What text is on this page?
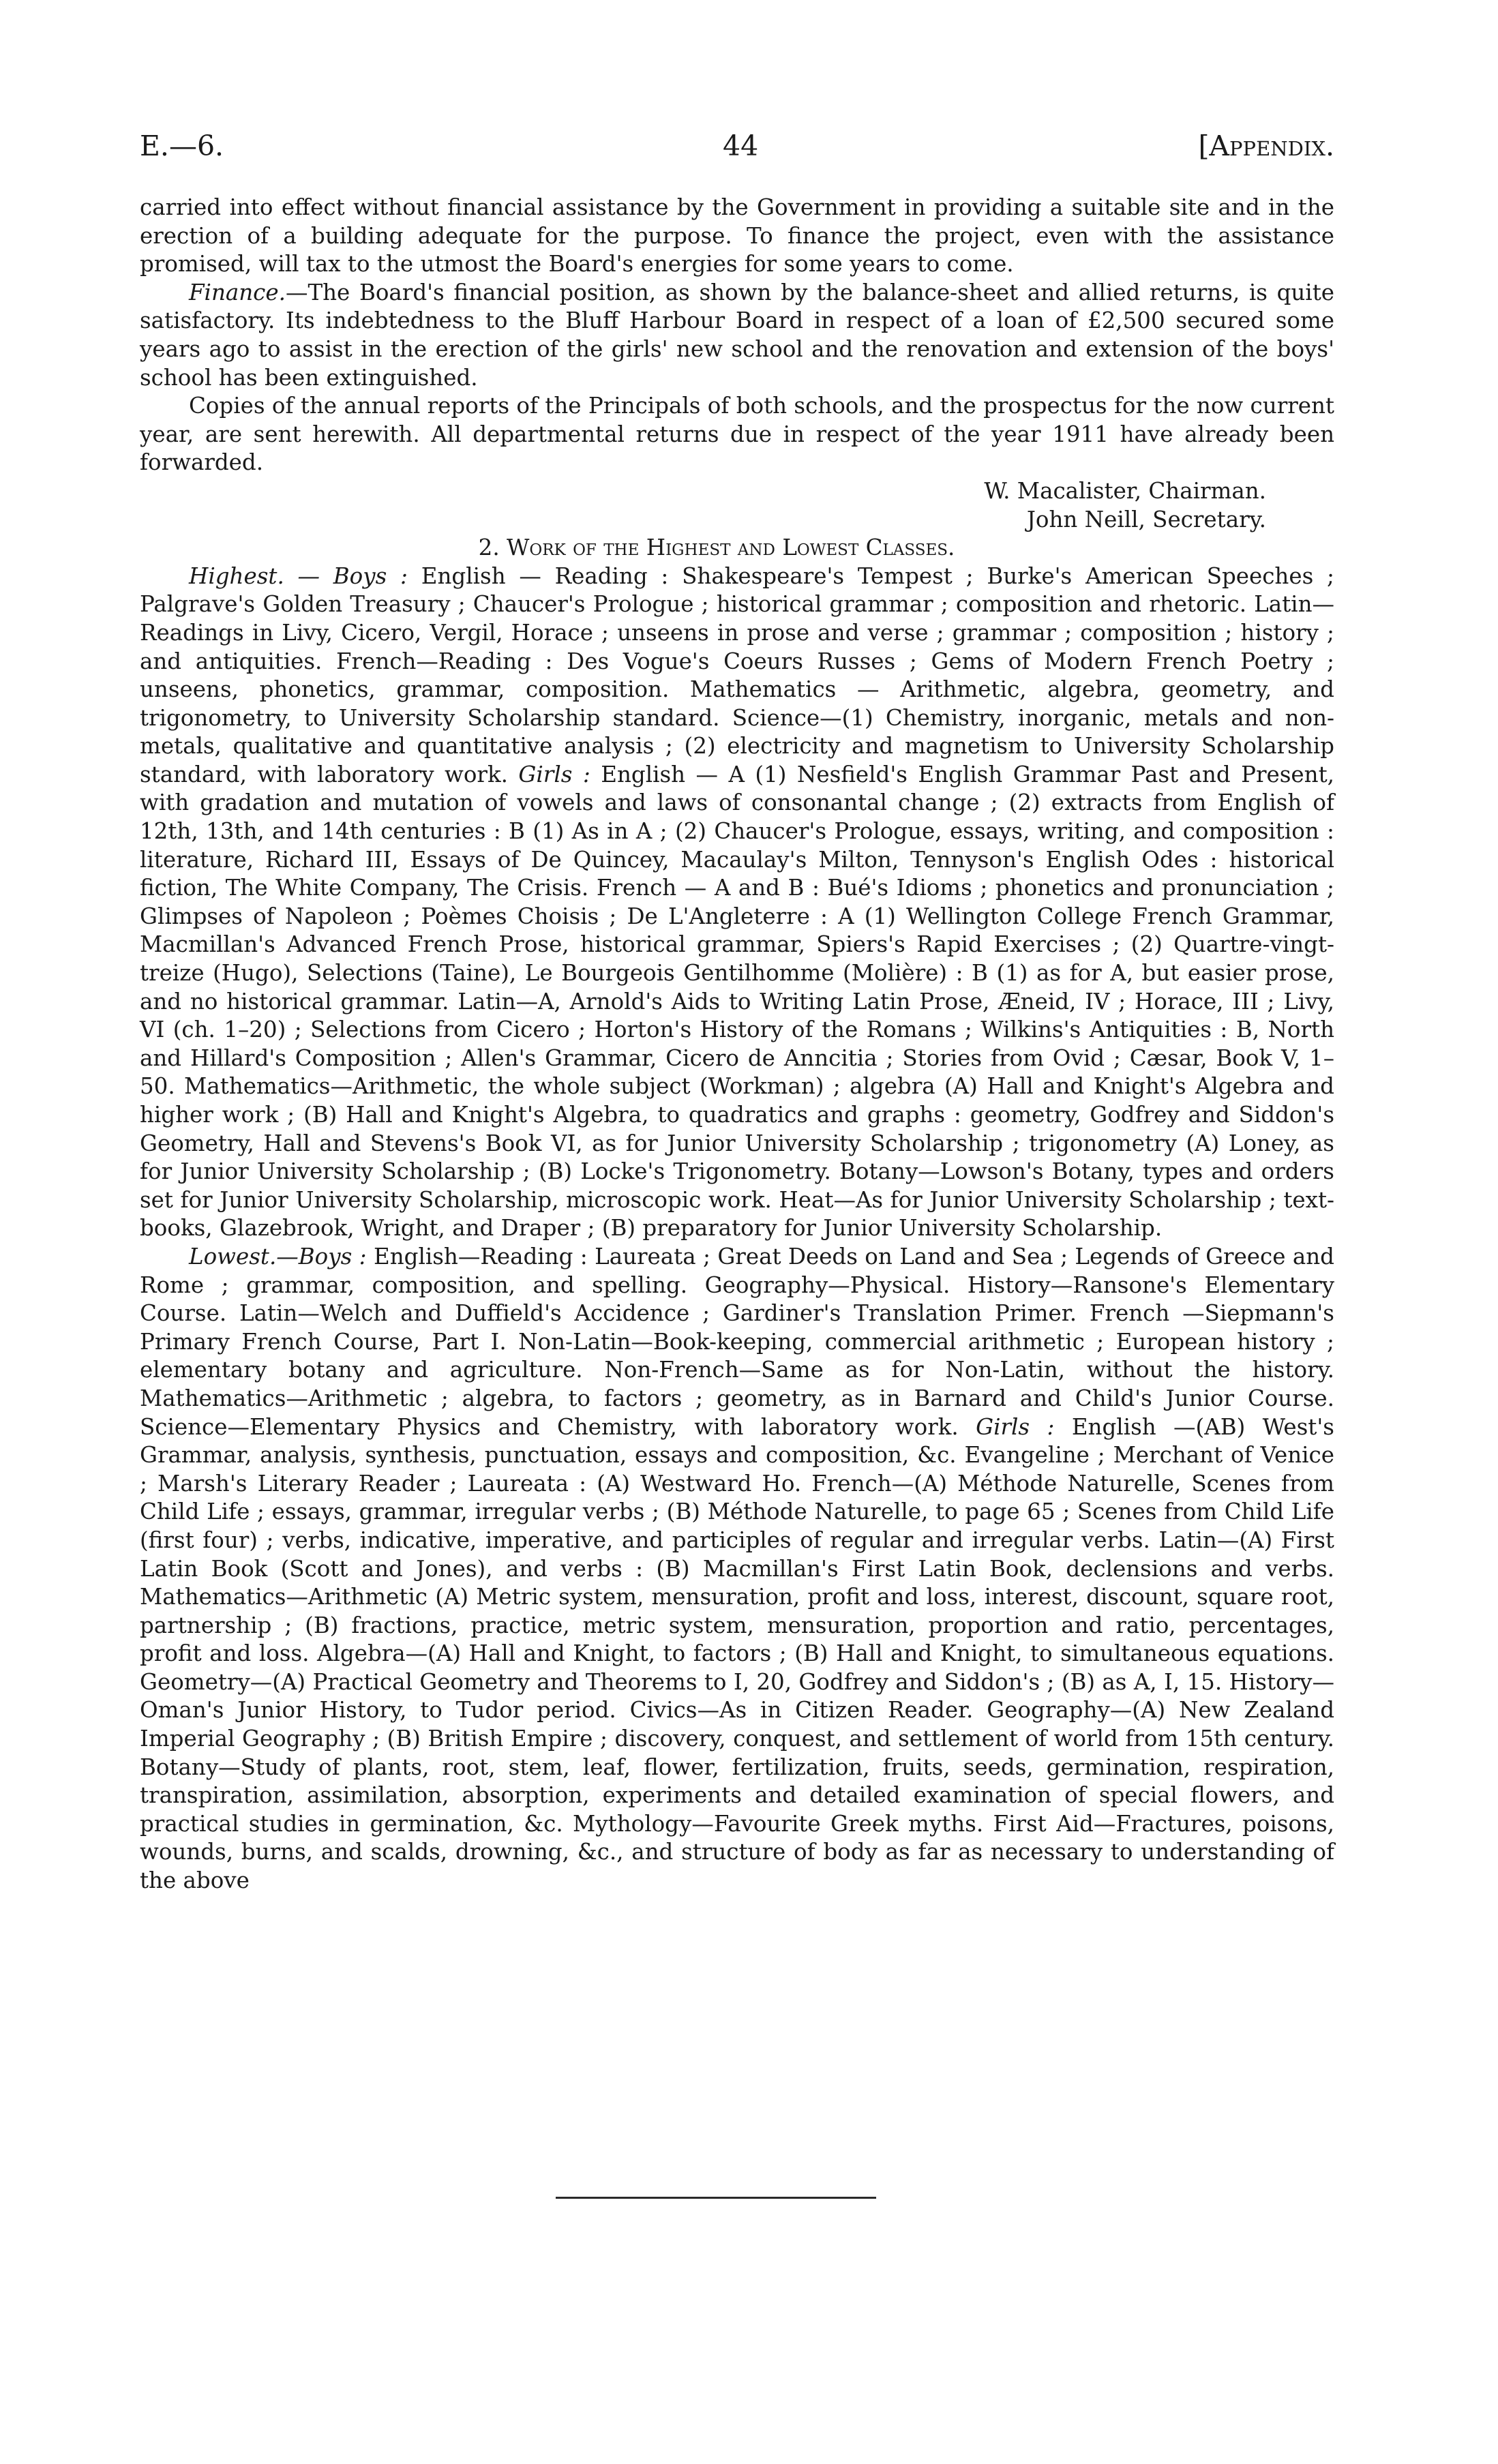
E.—6.	44	[Appendix.

carried into effect without financial assistance by the Government in providing a suitable site and in the erection of a building adequate for the purpose. To finance the project, even with the assistance promised, will tax to the utmost the Board's energies for some years to come.

Finance.—The Board's financial position, as shown by the balance-sheet and allied returns, is quite satisfactory. Its indebtedness to the Bluff Harbour Board in respect of a loan of £2,500 secured some years ago to assist in the erection of the girls' new school and the renovation and extension of the boys' school has been extinguished.

Copies of the annual reports of the Principals of both schools, and the prospectus for the now current year, are sent herewith. All departmental returns due in respect of the year 1911 have already been forwarded.

W. Macalister, Chairman.

John Neill, Secretary.

2. Work of the Highest and Lowest Classes.

Highest. — Boys : English — Reading : Shakespeare's Tempest ; Burke's American Speeches ; Palgrave's Golden Treasury ; Chaucer's Prologue ; historical grammar ; composition and rhetoric. Latin—Readings in Livy, Cicero, Vergil, Horace ; unseens in prose and verse ; grammar ; composition ; history ; and antiquities. French—Reading : Des Vogue's Coeurs Russes ; Gems of Modern French Poetry ; unseens, phonetics, grammar, composition. Mathematics — Arithmetic, algebra, geometry, and trigonometry, to University Scholarship standard. Science—(1) Chemistry, inorganic, metals and non-metals, qualitative and quantitative analysis ; (2) electricity and magnetism to University Scholarship standard, with laboratory work. Girls : English — A (1) Nesfield's English Grammar Past and Present, with gradation and mutation of vowels and laws of consonantal change ; (2) extracts from English of 12th, 13th, and 14th centuries : B (1) As in A ; (2) Chaucer's Prologue, essays, writing, and composition : literature, Richard III, Essays of De Quincey, Macaulay's Milton, Tennyson's English Odes : historical fiction, The White Company, The Crisis. French — A and B : Bué's Idioms ; phonetics and pronunciation ; Glimpses of Napoleon ; Poèmes Choisis ; De L'Angleterre : A (1) Wellington College French Grammar, Macmillan's Advanced French Prose, historical grammar, Spiers's Rapid Exercises ; (2) Quartre-vingt-treize (Hugo), Selections (Taine), Le Bourgeois Gentilhomme (Molière) : B (1) as for A, but easier prose, and no historical grammar. Latin—A, Arnold's Aids to Writing Latin Prose, Æneid, IV ; Horace, III ; Livy, VI (ch. 1–20) ; Selections from Cicero ; Horton's History of the Romans ; Wilkins's Antiquities : B, North and Hillard's Composition ; Allen's Grammar, Cicero de Anncitia ; Stories from Ovid ; Cæsar, Book V, 1–50. Mathematics—Arithmetic, the whole subject (Workman) ; algebra (A) Hall and Knight's Algebra and higher work ; (B) Hall and Knight's Algebra, to quadratics and graphs : geometry, Godfrey and Siddon's Geometry, Hall and Stevens's Book VI, as for Junior University Scholarship ; trigonometry (A) Loney, as for Junior University Scholarship ; (B) Locke's Trigonometry. Botany—Lowson's Botany, types and orders set for Junior University Scholarship, microscopic work. Heat—As for Junior University Scholarship ; text-books, Glazebrook, Wright, and Draper ; (B) preparatory for Junior University Scholarship.

Lowest.—Boys : English—Reading : Laureata ; Great Deeds on Land and Sea ; Legends of Greece and Rome ; grammar, composition, and spelling. Geography—Physical. History—Ransone's Elementary Course. Latin—Welch and Duffield's Accidence ; Gardiner's Translation Primer. French —Siepmann's Primary French Course, Part I. Non-Latin—Book-keeping, commercial arithmetic ; European history ; elementary botany and agriculture. Non-French—Same as for Non-Latin, without the history. Mathematics—Arithmetic ; algebra, to factors ; geometry, as in Barnard and Child's Junior Course. Science—Elementary Physics and Chemistry, with laboratory work. Girls : English —(AB) West's Grammar, analysis, synthesis, punctuation, essays and composition, &c. Evangeline ; Merchant of Venice ; Marsh's Literary Reader ; Laureata : (A) Westward Ho. French—(A) Méthode Naturelle, Scenes from Child Life ; essays, grammar, irregular verbs ; (B) Méthode Naturelle, to page 65 ; Scenes from Child Life (first four) ; verbs, indicative, imperative, and participles of regular and irregular verbs. Latin—(A) First Latin Book (Scott and Jones), and verbs : (B) Macmillan's First Latin Book, declensions and verbs. Mathematics—Arithmetic (A) Metric system, mensuration, profit and loss, interest, discount, square root, partnership ; (B) fractions, practice, metric system, mensuration, proportion and ratio, percentages, profit and loss. Algebra—(A) Hall and Knight, to factors ; (B) Hall and Knight, to simultaneous equations. Geometry—(A) Practical Geometry and Theorems to I, 20, Godfrey and Siddon's ; (B) as A, I, 15. History—Oman's Junior History, to Tudor period. Civics—As in Citizen Reader. Geography—(A) New Zealand Imperial Geography ; (B) British Empire ; discovery, conquest, and settlement of world from 15th century. Botany—Study of plants, root, stem, leaf, flower, fertilization, fruits, seeds, germination, respiration, transpiration, assimilation, absorption, experiments and detailed examination of special flowers, and practical studies in germination, &c. Mythology—Favourite Greek myths. First Aid—Fractures, poisons, wounds, burns, and scalds, drowning, &c., and structure of body as far as necessary to understanding of the above
